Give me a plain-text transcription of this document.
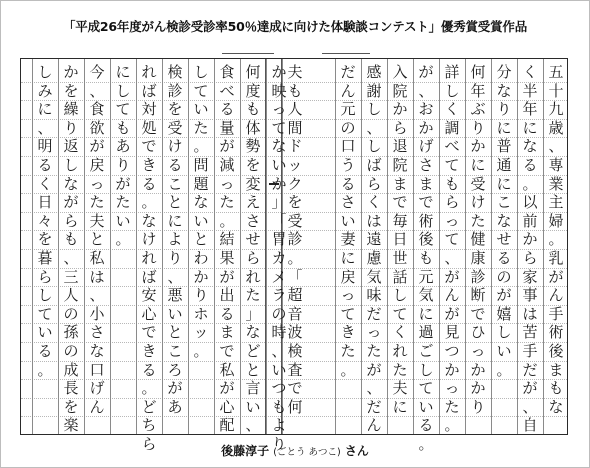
「平成26年度がん検診受診率50％達成に向けた体験談コンテスト」優秀賞受賞作品
五
十
九
歳
、
専
業
主
婦
。
乳
が
ん
手
術
後
ま
も
な
く
半
年
に
な
る
。
以
前
か
ら
家
事
は
苦
手
だ
が
、
自
分
な
り
に
普
通
に
こ
な
せ
る
の
が
嬉
し
い
。
何
年
ぶ
り
か
に
受
け
た
健
康
診
断
で
ひ
っ
か
か
り
詳
し
く
調
べ
て
も
ら
っ
て
、
が
ん
が
見
つ
か
っ
た
。
が
、
お
か
げ
さ
ま
で
術
後
も
元
気
に
過
ご
し
て
い
る
。
入
院
か
ら
退
院
ま
で
毎
日
世
話
し
て
く
れ
た
夫
に
感
謝
し
、
し
ば
ら
く
は
遠
慮
気
味
だ
っ
た
が
、
だ
ん
だ
ん
元
の
口
う
る
さ
い
妻
に
戻
っ
て
き
た
。
夫
も
人
間
ド
ッ
ク
を
受
診
。
「
超
音
波
検
査
で
何
か
映
っ
て
な
い
か
」
「
胃
カ
メ
ラ
の
時
、
い
つ
も
よ
り
何
度
も
体
勢
を
変
え
さ
せ
ら
れ
た
」
な
ど
と
言
い
、
食
べ
る
量
が
減
っ
た
。
結
果
が
出
る
ま
で
私
が
心
配
し
て
い
た
。
問
題
な
い
と
わ
か
り
ホ
ッ
。
検
診
を
受
け
る
こ
と
に
よ
り
、
悪
い
と
こ
ろ
が
あ
れ
ば
対
処
で
き
る
。
な
け
れ
ば
安
心
で
き
る
。
ど
ち
ら
に
し
て
も
あ
り
が
た
い
。
今
、
食
欲
が
戻
っ
た
夫
と
私
は
、
小
さ
な
口
げ
ん
か
を
繰
り
返
し
な
が
ら
も
、
三
人
の
孫
の
成
長
を
楽
し
み
に
、
明
る
く
日
々
を
暮
ら
し
て
い
る
。
後藤淳子 (ごとう あつこ) さん
